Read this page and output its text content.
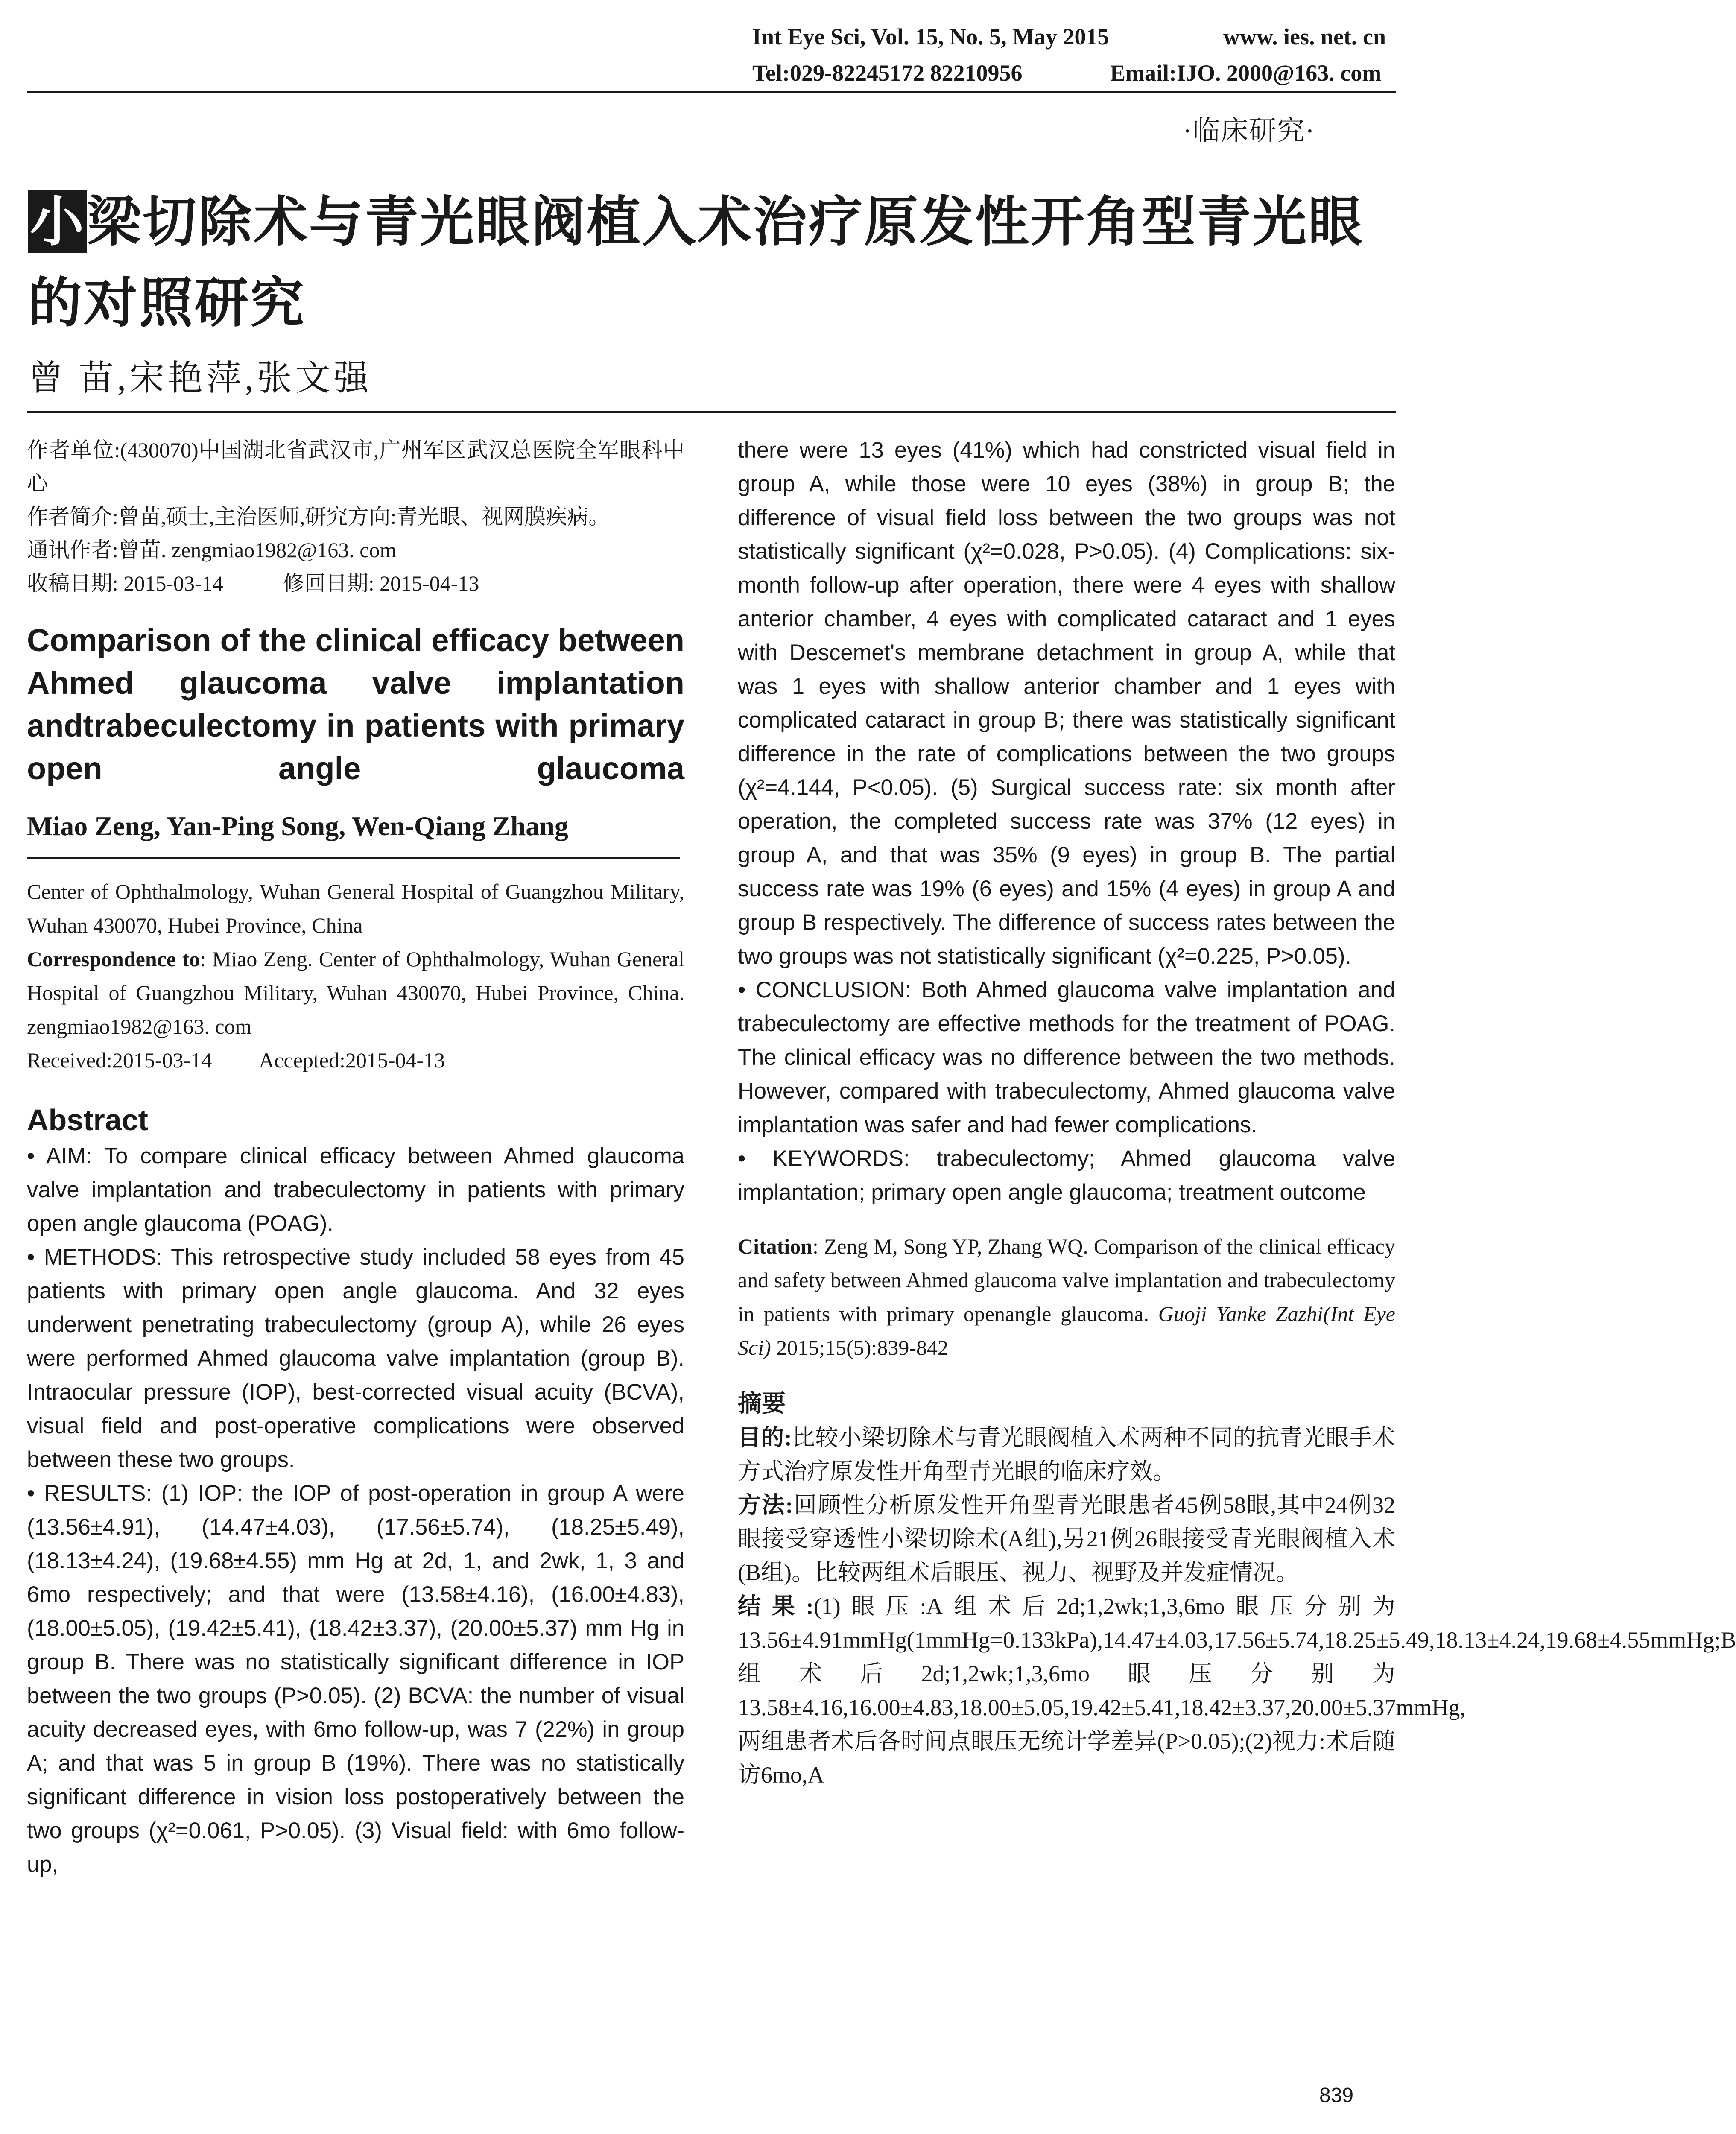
Int Eye Sci, Vol. 15, No. 5, May 2015	www. ies. net. cn
Tel:029-82245172 82210956	Email:IJO. 2000@163. com
·临床研究·
小梁切除术与青光眼阀植入术治疗原发性开角型青光眼的对照研究
曾 苗,宋艳萍,张文强

作者单位:(430070)中国湖北省武汉市,广州军区武汉总医院全军眼科中心

作者简介:曾苗,硕士,主治医师,研究方向:青光眼、视网膜疾病。

通讯作者:曾苗. zengmiao1982@163. com

收稿日期: 2015-03-14	修回日期: 2015-04-13

Comparison of the clinical efficacy between Ahmed glaucoma valve implantation andtrabeculectomy in patients with primary open angle glaucoma

Miao Zeng, Yan-Ping Song, Wen-Qiang Zhang

Center of Ophthalmology, Wuhan General Hospital of Guangzhou Military, Wuhan 430070, Hubei Province, China

Correspondence to: Miao Zeng. Center of Ophthalmology, Wuhan General Hospital of Guangzhou Military, Wuhan 430070, Hubei Province, China. zengmiao1982@163. com

Received:2015-03-14 Accepted:2015-04-13

Abstract

• AIM: To compare clinical efficacy between Ahmed glaucoma valve implantation and trabeculectomy in patients with primary open angle glaucoma (POAG).

• METHODS: This retrospective study included 58 eyes from 45 patients with primary open angle glaucoma. And 32 eyes underwent penetrating trabeculectomy (group A), while 26 eyes were performed Ahmed glaucoma valve implantation (group B). Intraocular pressure (IOP), best-corrected visual acuity (BCVA), visual field and post-operative complications were observed between these two groups.

• RESULTS: (1) IOP: the IOP of post-operation in group A were (13.56±4.91), (14.47±4.03), (17.56±5.74), (18.25±5.49), (18.13±4.24), (19.68±4.55) mm Hg at 2d, 1, and 2wk, 1, 3 and 6mo respectively; and that were (13.58±4.16), (16.00±4.83), (18.00±5.05), (19.42±5.41), (18.42±3.37), (20.00±5.37) mm Hg in group B. There was no statistically significant difference in IOP between the two groups (P>0.05). (2) BCVA: the number of visual acuity decreased eyes, with 6mo follow-up, was 7 (22%) in group A; and that was 5 in group B (19%). There was no statistically significant difference in vision loss postoperatively between the two groups (χ²=0.061, P>0.05). (3) Visual field: with 6mo follow-up,

there were 13 eyes (41%) which had constricted visual field in group A, while those were 10 eyes (38%) in group B; the difference of visual field loss between the two groups was not statistically significant (χ²=0.028, P>0.05). (4) Complications: six-month follow-up after operation, there were 4 eyes with shallow anterior chamber, 4 eyes with complicated cataract and 1 eyes with Descemet's membrane detachment in group A, while that was 1 eyes with shallow anterior chamber and 1 eyes with complicated cataract in group B; there was statistically significant difference in the rate of complications between the two groups (χ²=4.144, P<0.05). (5) Surgical success rate: six month after operation, the completed success rate was 37% (12 eyes) in group A, and that was 35% (9 eyes) in group B. The partial success rate was 19% (6 eyes) and 15% (4 eyes) in group A and group B respectively. The difference of success rates between the two groups was not statistically significant (χ²=0.225, P>0.05).

• CONCLUSION: Both Ahmed glaucoma valve implantation and trabeculectomy are effective methods for the treatment of POAG. The clinical efficacy was no difference between the two methods. However, compared with trabeculectomy, Ahmed glaucoma valve implantation was safer and had fewer complications.

• KEYWORDS: trabeculectomy; Ahmed glaucoma valve implantation; primary open angle glaucoma; treatment outcome

Citation: Zeng M, Song YP, Zhang WQ. Comparison of the clinical efficacy and safety between Ahmed glaucoma valve implantation and trabeculectomy in patients with primary openangle glaucoma. Guoji Yanke Zazhi(Int Eye Sci) 2015;15(5):839-842

摘要

目的:比较小梁切除术与青光眼阀植入术两种不同的抗青光眼手术方式治疗原发性开角型青光眼的临床疗效。

方法:回顾性分析原发性开角型青光眼患者45例58眼,其中24例32眼接受穿透性小梁切除术(A组),另21例26眼接受青光眼阀植入术(B组)。比较两组术后眼压、视力、视野及并发症情况。

结果:(1)眼压:A组术后2d;1,2wk;1,3,6mo眼压分别为13.56±4.91mmHg(1mmHg=0.133kPa),14.47±4.03,17.56±5.74,18.25±5.49,18.13±4.24,19.68±4.55mmHg;B组术后2d;1,2wk;1,3,6mo眼压分别为13.58±4.16,16.00±4.83,18.00±5.05,19.42±5.41,18.42±3.37,20.00±5.37mmHg,两组患者术后各时间点眼压无统计学差异(P>0.05);(2)视力:术后随访6mo,A

839
